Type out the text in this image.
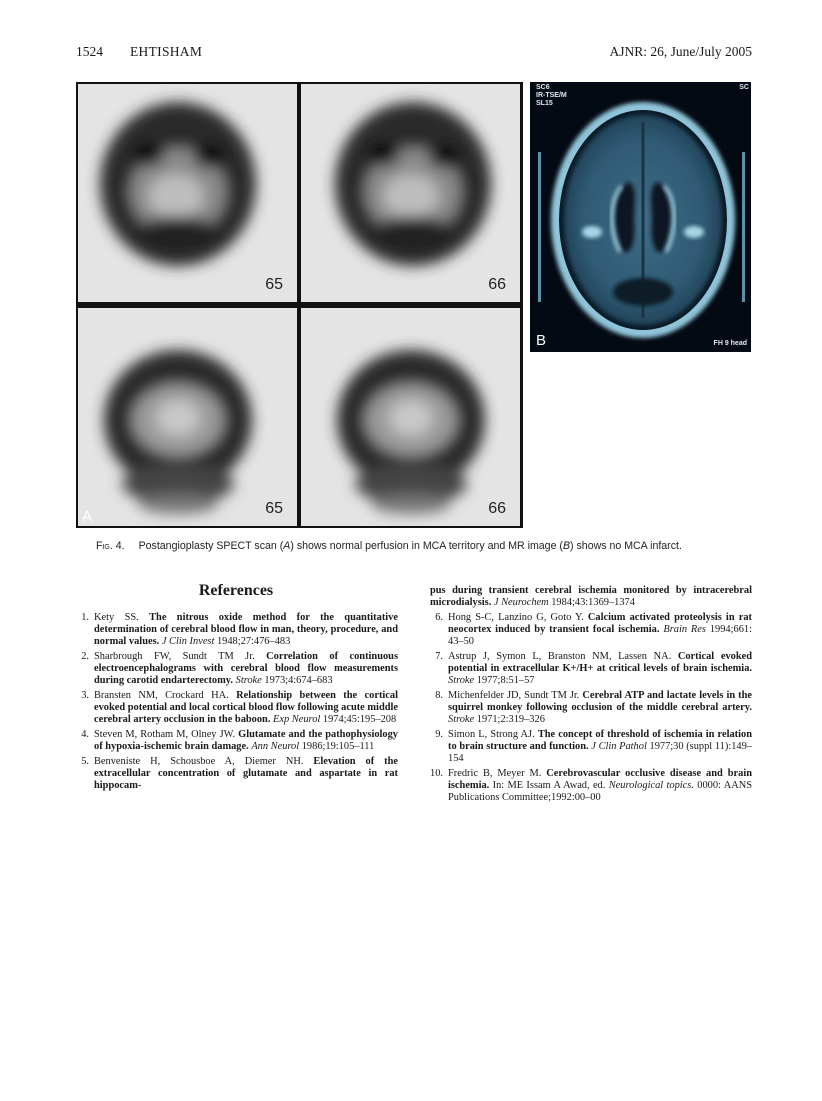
1524 EHTISHAM	AJNR: 26, June/July 2005
65	66
65	66
A
SC6
IR-TSE/M
SL15
SC
FH 9 head
B
Fig. 4. Postangioplasty SPECT scan (A) shows normal perfusion in MCA territory and MR image (B) shows no MCA infarct.
References
1. Kety SS. The nitrous oxide method for the quantitative determination of cerebral blood flow in man, theory, procedure, and normal values. J Clin Invest 1948;27:476–483
2. Sharbrough FW, Sundt TM Jr. Correlation of continuous electroencephalograms with cerebral blood flow measurements during carotid endarterectomy. Stroke 1973;4:674–683
3. Bransten NM, Crockard HA. Relationship between the cortical evoked potential and local cortical blood flow following acute middle cerebral artery occlusion in the baboon. Exp Neurol 1974;45:195–208
4. Steven M, Rotham M, Olney JW. Glutamate and the pathophysiology of hypoxia-ischemic brain damage. Ann Neurol 1986;19:105–111
5. Benveniste H, Schousboe A, Diemer NH. Elevation of the extracellular concentration of glutamate and aspartate in rat hippocam-
pus during transient cerebral ischemia monitored by intracerebral microdialysis. J Neurochem 1984;43:1369–1374
6. Hong S-C, Lanzino G, Goto Y. Calcium activated proteolysis in rat neocortex induced by transient focal ischemia. Brain Res 1994;661: 43–50
7. Astrup J, Symon L, Branston NM, Lassen NA. Cortical evoked potential in extracellular K+/H+ at critical levels of brain ischemia. Stroke 1977;8:51–57
8. Michenfelder JD, Sundt TM Jr. Cerebral ATP and lactate levels in the squirrel monkey following occlusion of the middle cerebral artery. Stroke 1971;2:319–326
9. Simon L, Strong AJ. The concept of threshold of ischemia in relation to brain structure and function. J Clin Pathol 1977;30 (suppl 11):149–154
10. Fredric B, Meyer M. Cerebrovascular occlusive disease and brain ischemia. In: ME Issam A Awad, ed. Neurological topics. 0000: AANS Publications Committee;1992:00–00
